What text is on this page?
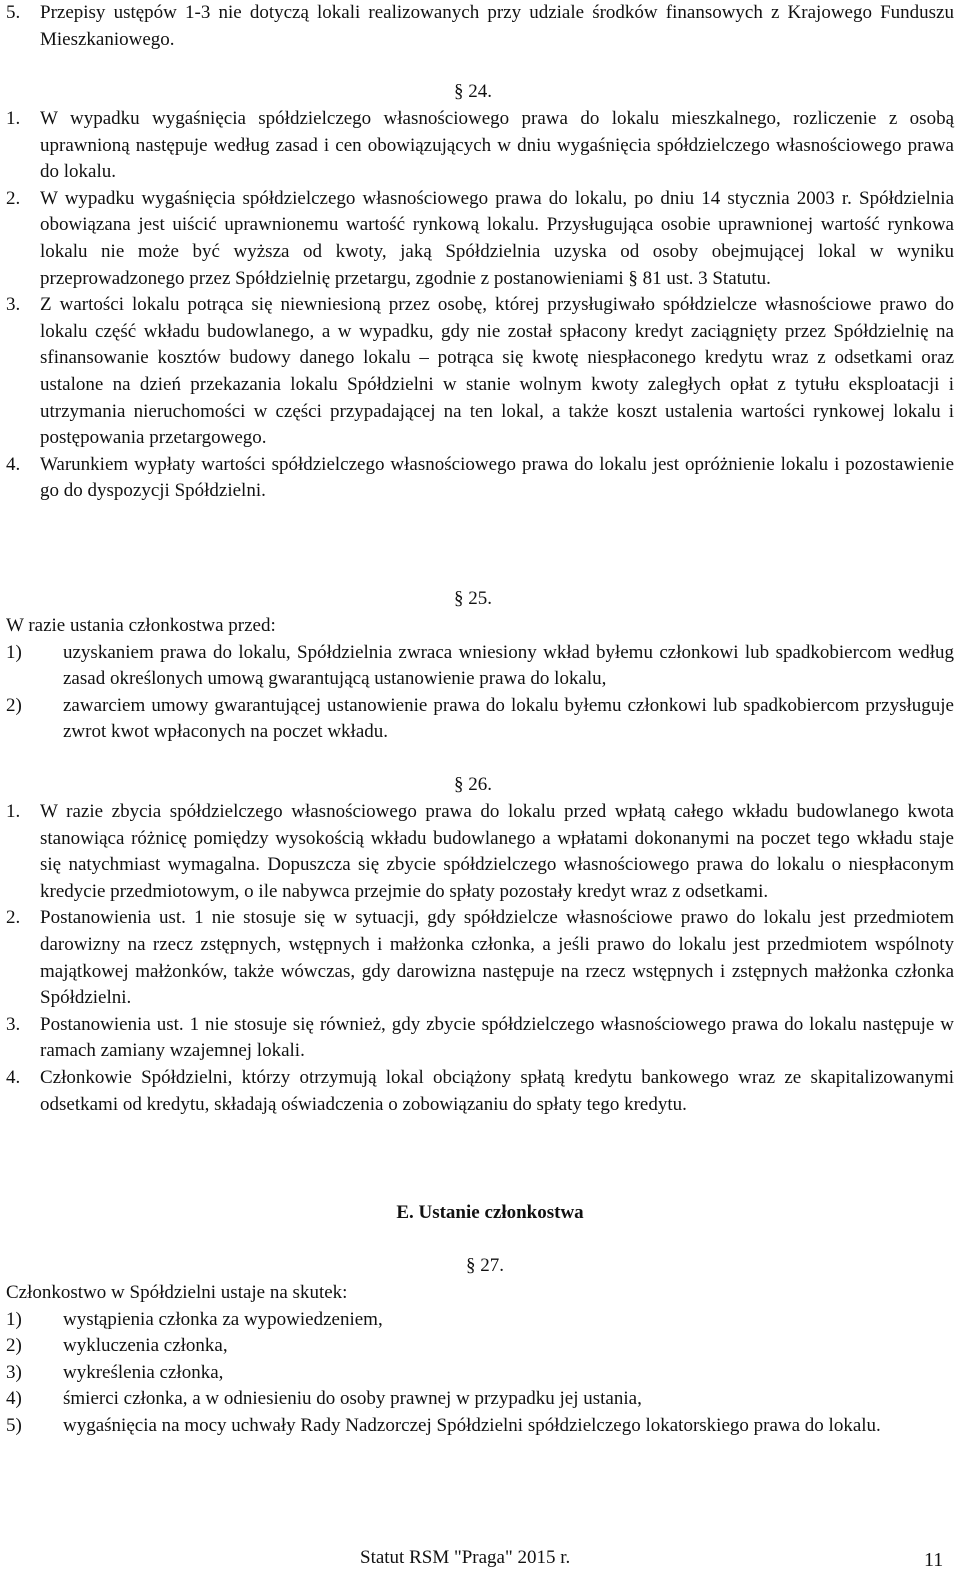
5. Przepisy ustępów 1-3 nie dotyczą lokali realizowanych przy udziale środków finansowych z Krajowego Funduszu Mieszkaniowego.
§ 24.
1. W wypadku wygaśnięcia spółdzielczego własnościowego prawa do lokalu mieszkalnego, rozliczenie z osobą uprawnioną następuje według zasad i cen obowiązujących w dniu wygaśnięcia spółdzielczego własnościowego prawa do lokalu.
2. W wypadku wygaśnięcia spółdzielczego własnościowego prawa do lokalu, po dniu 14 stycznia 2003 r. Spółdzielnia obowiązana jest uiścić uprawnionemu wartość rynkową lokalu. Przysługująca osobie uprawnionej wartość rynkowa lokalu nie może być wyższa od kwoty, jaką Spółdzielnia uzyska od osoby obejmującej lokal w wyniku przeprowadzonego przez Spółdzielnię przetargu, zgodnie z postanowieniami § 81 ust. 3 Statutu.
3. Z wartości lokalu potrąca się niewniesioną przez osobę, której przysługiwało spółdzielcze własnościowe prawo do lokalu część wkładu budowlanego, a w wypadku, gdy nie został spłacony kredyt zaciągnięty przez Spółdzielnię na sfinansowanie kosztów budowy danego lokalu – potrąca się kwotę niespłaconego kredytu wraz z odsetkami oraz ustalone na dzień przekazania lokalu Spółdzielni w stanie wolnym kwoty zaległych opłat z tytułu eksploatacji i utrzymania nieruchomości w części przypadającej na ten lokal, a także koszt ustalenia wartości rynkowej lokalu i postępowania przetargowego.
4. Warunkiem wypłaty wartości spółdzielczego własnościowego prawa do lokalu jest opróżnienie lokalu i pozostawienie go do dyspozycji Spółdzielni.
§ 25.
W razie ustania członkostwa przed:
1) uzyskaniem prawa do lokalu, Spółdzielnia zwraca wniesiony wkład byłemu członkowi lub spadkobiercom według zasad określonych umową gwarantującą ustanowienie prawa do lokalu,
2) zawarciem umowy gwarantującej ustanowienie prawa do lokalu byłemu członkowi lub spadkobiercom przysługuje zwrot kwot wpłaconych na poczet wkładu.
§ 26.
1. W razie zbycia spółdzielczego własnościowego prawa do lokalu przed wpłatą całego wkładu budowlanego kwota stanowiąca różnicę pomiędzy wysokością wkładu budowlanego a wpłatami dokonanymi na poczet tego wkładu staje się natychmiast wymagalna. Dopuszcza się zbycie spółdzielczego własnościowego prawa do lokalu o niespłaconym kredycie przedmiotowym, o ile nabywca przejmie do spłaty pozostały kredyt wraz z odsetkami.
2. Postanowienia ust. 1 nie stosuje się w sytuacji, gdy spółdzielcze własnościowe prawo do lokalu jest przedmiotem darowizny na rzecz zstępnych, wstępnych i małżonka członka, a jeśli prawo do lokalu jest przedmiotem wspólnoty majątkowej małżonków, także wówczas, gdy darowizna następuje na rzecz wstępnych i zstępnych małżonka członka Spółdzielni.
3. Postanowienia ust. 1 nie stosuje się również, gdy zbycie spółdzielczego własnościowego prawa do lokalu następuje w ramach zamiany wzajemnej lokali.
4. Członkowie Spółdzielni, którzy otrzymują lokal obciążony spłatą kredytu bankowego wraz ze skapitalizowanymi odsetkami od kredytu, składają oświadczenia o zobowiązaniu do spłaty tego kredytu.
E. Ustanie członkostwa
§ 27.
Członkostwo w Spółdzielni ustaje na skutek:
1) wystąpienia członka za wypowiedzeniem,
2) wykluczenia członka,
3) wykreślenia członka,
4) śmierci członka, a w odniesieniu do osoby prawnej w przypadku jej ustania,
5) wygaśnięcia na mocy uchwały Rady Nadzorczej Spółdzielni spółdzielczego lokatorskiego prawa do lokalu.
Statut RSM "Praga" 2015 r.	11
